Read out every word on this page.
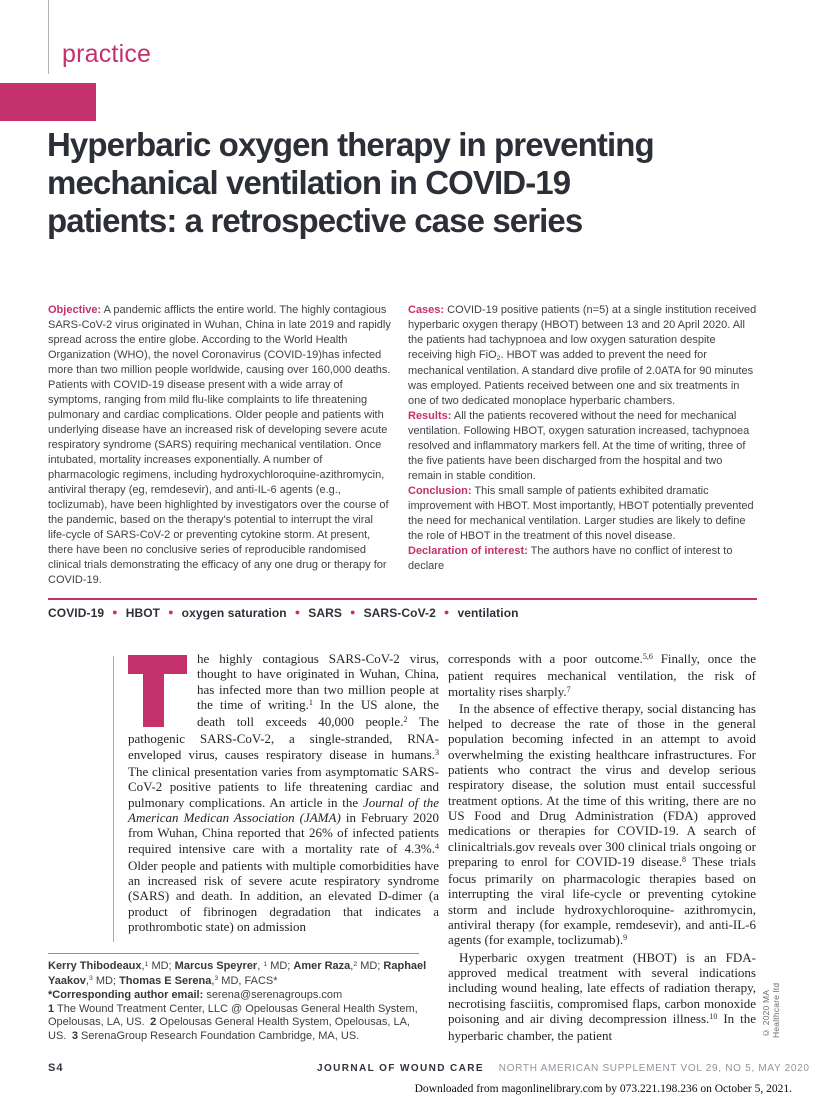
practice
Hyperbaric oxygen therapy in preventing
mechanical ventilation in COVID-19
patients: a retrospective case series

Objective: A pandemic afflicts the entire world. The highly contagious SARS-CoV-2 virus originated in Wuhan, China in late 2019 and rapidly spread across the entire globe. According to the World Health Organization (WHO), the novel Coronavirus (COVID-19)has infected more than two million people worldwide, causing over 160,000 deaths. Patients with COVID-19 disease present with a wide array of symptoms, ranging from mild flu-like complaints to life threatening pulmonary and cardiac complications. Older people and patients with underlying disease have an increased risk of developing severe acute respiratory syndrome (SARS) requiring mechanical ventilation. Once intubated, mortality increases exponentially. A number of pharmacologic regimens, including hydroxychloroquine-azithromycin, antiviral therapy (eg, remdesevir), and anti-IL-6 agents (e.g., toclizumab), have been highlighted by investigators over the course of the pandemic, based on the therapy's potential to interrupt the viral life-cycle of SARS-CoV-2 or preventing cytokine storm. At present, there have been no conclusive series of reproducible randomised clinical trials demonstrating the efficacy of any one drug or therapy for COVID-19.

Cases: COVID-19 positive patients (n=5) at a single institution received hyperbaric oxygen therapy (HBOT) between 13 and 20 April 2020. All the patients had tachypnoea and low oxygen saturation despite receiving high FiO$_2$. HBOT was added to prevent the need for mechanical ventilation. A standard dive profile of 2.0ATA for 90 minutes was employed. Patients received between one and six treatments in one of two dedicated monoplace hyperbaric chambers.

Results: All the patients recovered without the need for mechanical ventilation. Following HBOT, oxygen saturation increased, tachypnoea resolved and inflammatory markers fell. At the time of writing, three of the five patients have been discharged from the hospital and two remain in stable condition.

Conclusion: This small sample of patients exhibited dramatic improvement with HBOT. Most importantly, HBOT potentially prevented the need for mechanical ventilation. Larger studies are likely to define the role of HBOT in the treatment of this novel disease.

Declaration of interest: The authors have no conflict of interest to declare

COVID-19 ● HBOT ● oxygen saturation ● SARS ● SARS-CoV-2 ● ventilation

he highly contagious SARS-CoV-2 virus, thought to have originated in Wuhan, China, has infected more than two million people at the time of writing.$^1$ In the US alone, the death toll exceeds 40,000 people.$^2$ The pathogenic SARS-CoV-2, a single-stranded, RNA-enveloped virus, causes respiratory disease in humans.$^3$ The clinical presentation varies from asymptomatic SARS-CoV-2 positive patients to life threatening cardiac and pulmonary complications. An article in the Journal of the American Medican Association (JAMA) in February 2020 from Wuhan, China reported that 26% of infected patients required intensive care with a mortality rate of 4.3%.$^4$ Older people and patients with multiple comorbidities have an increased risk of severe acute respiratory syndrome (SARS) and death. In addition, an elevated D-dimer (a product of fibrinogen degradation that indicates a prothrombotic state) on admission

corresponds with a poor outcome.$^{5,6}$ Finally, once the patient requires mechanical ventilation, the risk of mortality rises sharply.$^7$

In the absence of effective therapy, social distancing has helped to decrease the rate of those in the general population becoming infected in an attempt to avoid overwhelming the existing healthcare infrastructures. For patients who contract the virus and develop serious respiratory disease, the solution must entail successful treatment options. At the time of this writing, there are no US Food and Drug Administration (FDA) approved medications or therapies for COVID-19. A search of clinicaltrials.gov reveals over 300 clinical trials ongoing or preparing to enrol for COVID-19 disease.$^8$ These trials focus primarily on pharmacologic therapies based on interrupting the viral life-cycle or preventing cytokine storm and include hydroxychloroquine- azithromycin, antiviral therapy (for example, remdesevir), and anti-IL-6 agents (for example, toclizumab).$^9$

Hyperbaric oxygen treatment (HBOT) is an FDA-approved medical treatment with several indications including wound healing, late effects of radiation therapy, necrotising fasciitis, compromised flaps, carbon monoxide poisoning and air diving decompression illness.$^{10}$ In the hyperbaric chamber, the patient

Kerry Thibodeaux,$^1$ MD; Marcus Speyrer, $^1$ MD; Amer Raza,$^2$ MD; Raphael Yaakov,$^3$ MD; Thomas E Serena,$^3$ MD, FACS*

*Corresponding author email: serena@serenagroups.com

1 The Wound Treatment Center, LLC @ Opelousas General Health System, Opelousas, LA, US. 2 Opelousas General Health System, Opelousas, LA, US. 3 SerenaGroup Research Foundation Cambridge, MA, US.

S4	JOURNAL OF WOUND CARE NORTH AMERICAN SUPPLEMENT VOL 29, NO 5, MAY 2020
Downloaded from magonlinelibrary.com by 073.221.198.236 on October 5, 2021.
© 2020 MA Healthcare ltd
